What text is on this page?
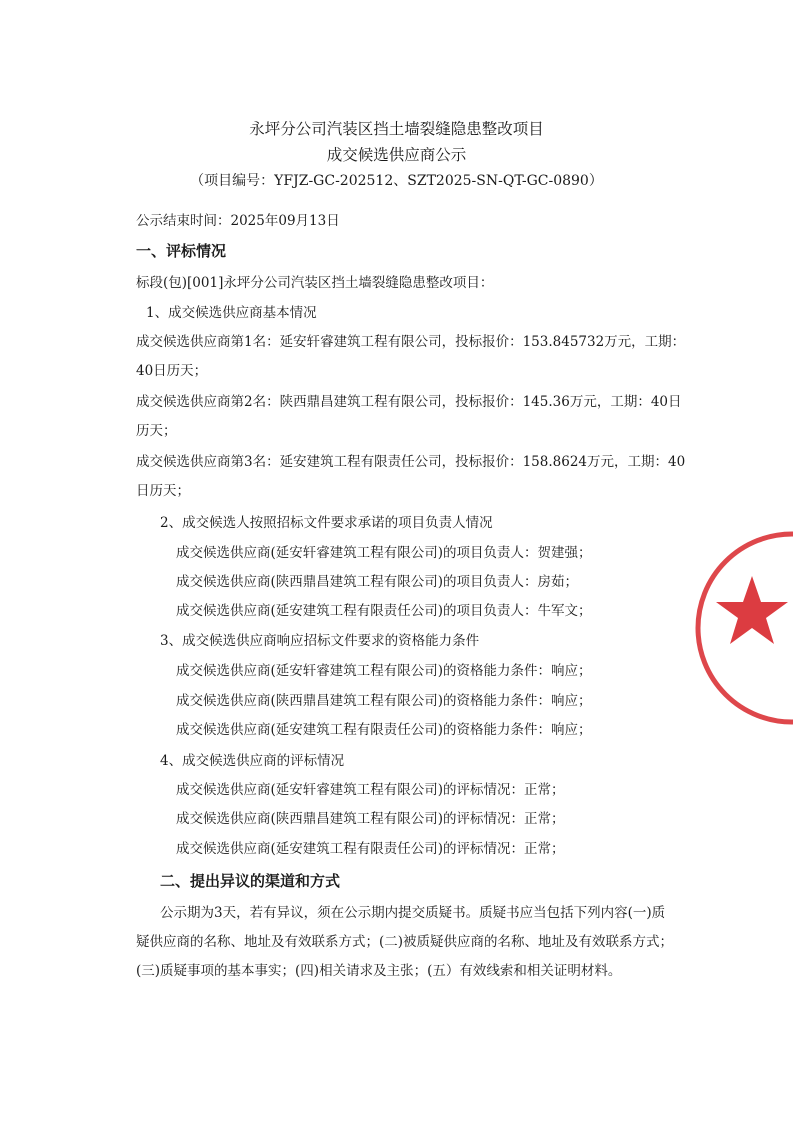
永坪分公司汽装区挡土墙裂缝隐患整改项目
成交候选供应商公示
（项目编号：YFJZ-GC-202512、SZT2025-SN-QT-GC-0890）
公示结束时间：2025年09月13日
一、评标情况
标段(包)[001]永坪分公司汽装区挡土墙裂缝隐患整改项目：
1、成交候选供应商基本情况
成交候选供应商第1名：延安轩睿建筑工程有限公司，投标报价：153.845732万元，工期：
40日历天；
成交候选供应商第2名：陕西鼎昌建筑工程有限公司，投标报价：145.36万元，工期：40日
历天；
成交候选供应商第3名：延安建筑工程有限责任公司，投标报价：158.8624万元，工期：40
日历天；
2、成交候选人按照招标文件要求承诺的项目负责人情况
成交候选供应商(延安轩睿建筑工程有限公司)的项目负责人：贺建强；
成交候选供应商(陕西鼎昌建筑工程有限公司)的项目负责人：房茹；
成交候选供应商(延安建筑工程有限责任公司)的项目负责人：牛军文；
3、成交候选供应商响应招标文件要求的资格能力条件
成交候选供应商(延安轩睿建筑工程有限公司)的资格能力条件：响应；
成交候选供应商(陕西鼎昌建筑工程有限公司)的资格能力条件：响应；
成交候选供应商(延安建筑工程有限责任公司)的资格能力条件：响应；
4、成交候选供应商的评标情况
成交候选供应商(延安轩睿建筑工程有限公司)的评标情况：正常；
成交候选供应商(陕西鼎昌建筑工程有限公司)的评标情况：正常；
成交候选供应商(延安建筑工程有限责任公司)的评标情况：正常；
二、提出异议的渠道和方式
公示期为3天，若有异议，须在公示期内提交质疑书。质疑书应当包括下列内容(一)质
疑供应商的名称、地址及有效联系方式；(二)被质疑供应商的名称、地址及有效联系方式；
(三)质疑事项的基本事实；(四)相关请求及主张；(五）有效线索和相关证明材料。
